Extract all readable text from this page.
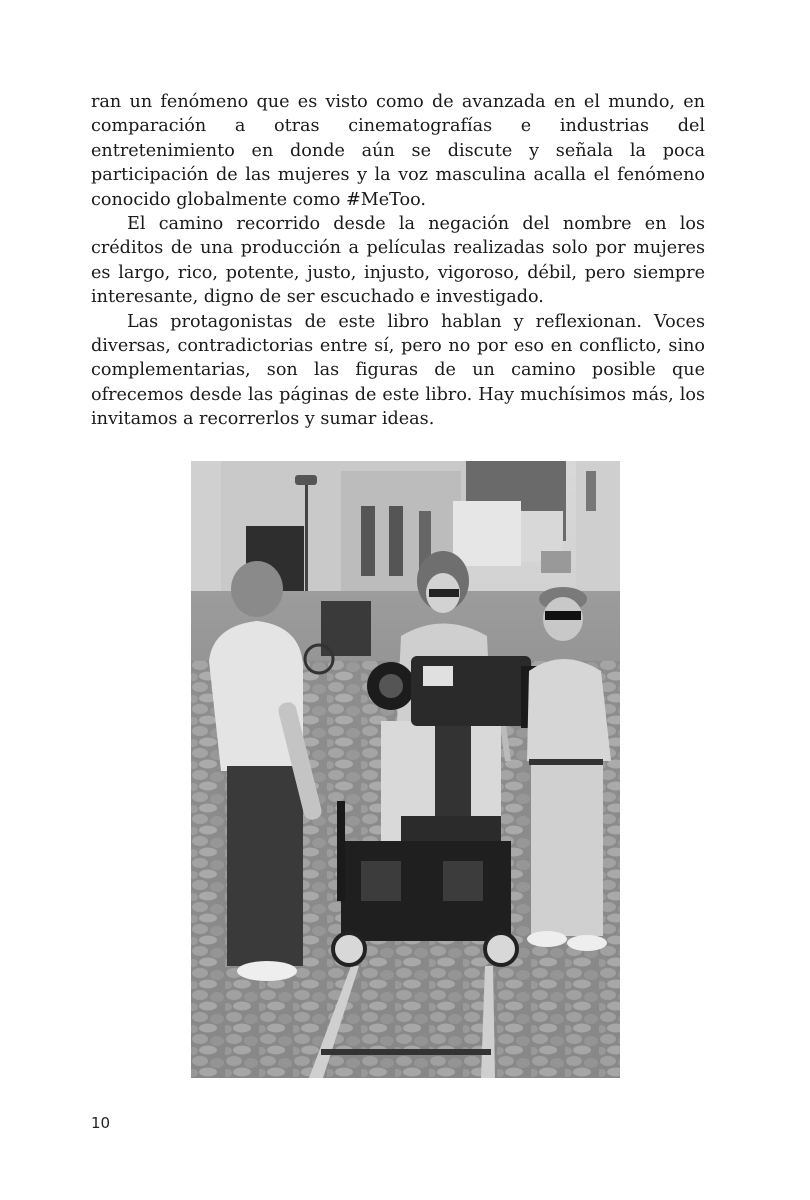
ran un fenómeno que es visto como de avanzada en el mundo, en comparación a otras cinematografías e industrias del entretenimiento en donde aún se discute y señala la poca participación de las mujeres y la voz masculina acalla el fenómeno conocido globalmente como #MeToo.

El camino recorrido desde la negación del nombre en los créditos de una producción a películas realizadas solo por mujeres es largo, rico, potente, justo, injusto, vigoroso, débil, pero siempre interesante, digno de ser escuchado e investigado.

Las protagonistas de este libro hablan y reflexionan. Voces diversas, contradictorias entre sí, pero no por eso en conflicto, sino complementarias, son las figuras de un camino posible que ofrecemos desde las páginas de este libro. Hay muchísimos más, los invitamos a recorrerlos y sumar ideas.

10
